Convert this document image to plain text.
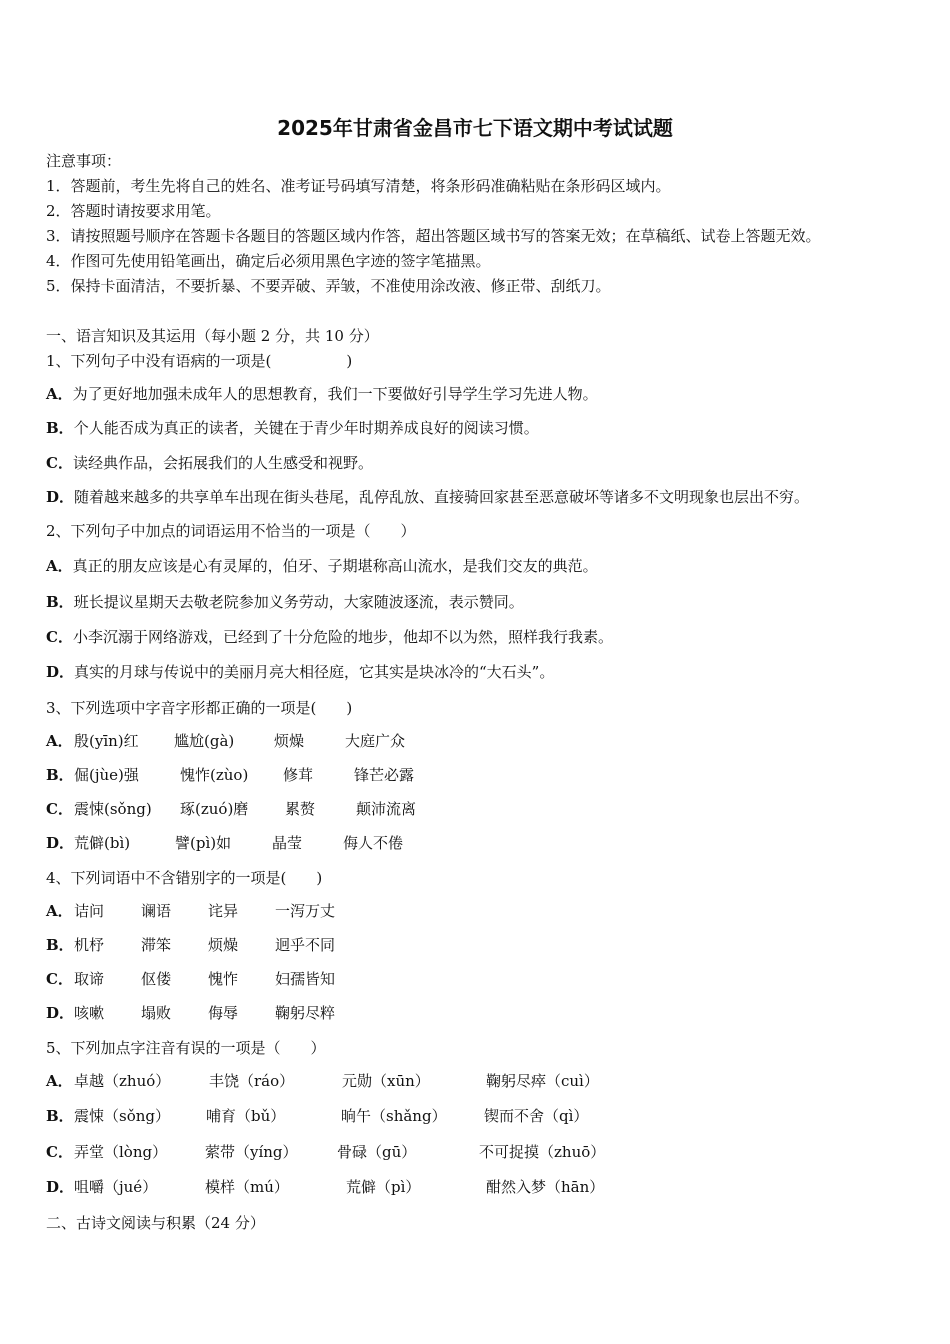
2025年甘肃省金昌市七下语文期中考试试题
注意事项：
1．答题前，考生先将自己的姓名、准考证号码填写清楚，将条形码准确粘贴在条形码区域内。
2．答题时请按要求用笔。
3．请按照题号顺序在答题卡各题目的答题区域内作答，超出答题区域书写的答案无效；在草稿纸、试卷上答题无效。
4．作图可先使用铅笔画出，确定后必须用黑色字迹的签字笔描黑。
5．保持卡面清洁，不要折暴、不要弄破、弄皱，不准使用涂改液、修正带、刮纸刀。
一、语言知识及其运用（每小题 2 分，共 10 分）
1、下列句子中没有语病的一项是(　　　　　)
A．为了更好地加强未成年人的思想教育，我们一下要做好引导学生学习先进人物。
B．个人能否成为真正的读者，关键在于青少年时期养成良好的阅读习惯。
C．读经典作品，会拓展我们的人生感受和视野。
D．随着越来越多的共享单车出现在街头巷尾，乱停乱放、直接骑回家甚至恶意破坏等诸多不文明现象也层出不穷。
2、下列句子中加点的词语运用不恰当的一项是（　　）
A．真正的朋友应该是心有灵犀的，伯牙、子期堪称高山流水，是我们交友的典范。
B．班长提议星期天去敬老院参加义务劳动，大家随波逐流，表示赞同。
C．小李沉溺于网络游戏，已经到了十分危险的地步，他却不以为然，照样我行我素。
D．真实的月球与传说中的美丽月亮大相径庭，它其实是块冰冷的“大石头”。
3、下列选项中字音字形都正确的一项是(　　)
A． 殷(yīn)红 尴尬(gà)	烦燥	大庭广众
B． 倔(jùe)强	愧怍(zùo) 修茸	锋芒必露
C． 震悚(sǒng) 琢(zuó)磨 累赘	颠沛流离
D． 荒僻(bì)	譬(pì)如	晶莹	侮人不倦
4、下列词语中不含错别字的一项是(　　)
A． 诘问 谰语 诧异 一泻万丈
B． 机杼 滞笨 烦燥 迥乎不同
C． 取谛 伛偻 愧怍 妇孺皆知
D． 咳嗽 塌败 侮辱 鞠躬尽粹
5、下列加点字注音有误的一项是（　　）
A． 卓越（zhuó）	丰饶（ráo）	元勋（xūn）	鞠躬尽瘁（cuì）
B． 震悚（sǒng） 哺育（bǔ）	晌午（shǎng） 锲而不舍（qì）
C． 弄堂（lòng）	萦带（yíng）	骨碌（gū）	不可捉摸（zhuō）
D． 咀嚼（jué）	模样（mú）	荒僻（pì）	酣然入梦（hān）
二、古诗文阅读与积累（24 分）
